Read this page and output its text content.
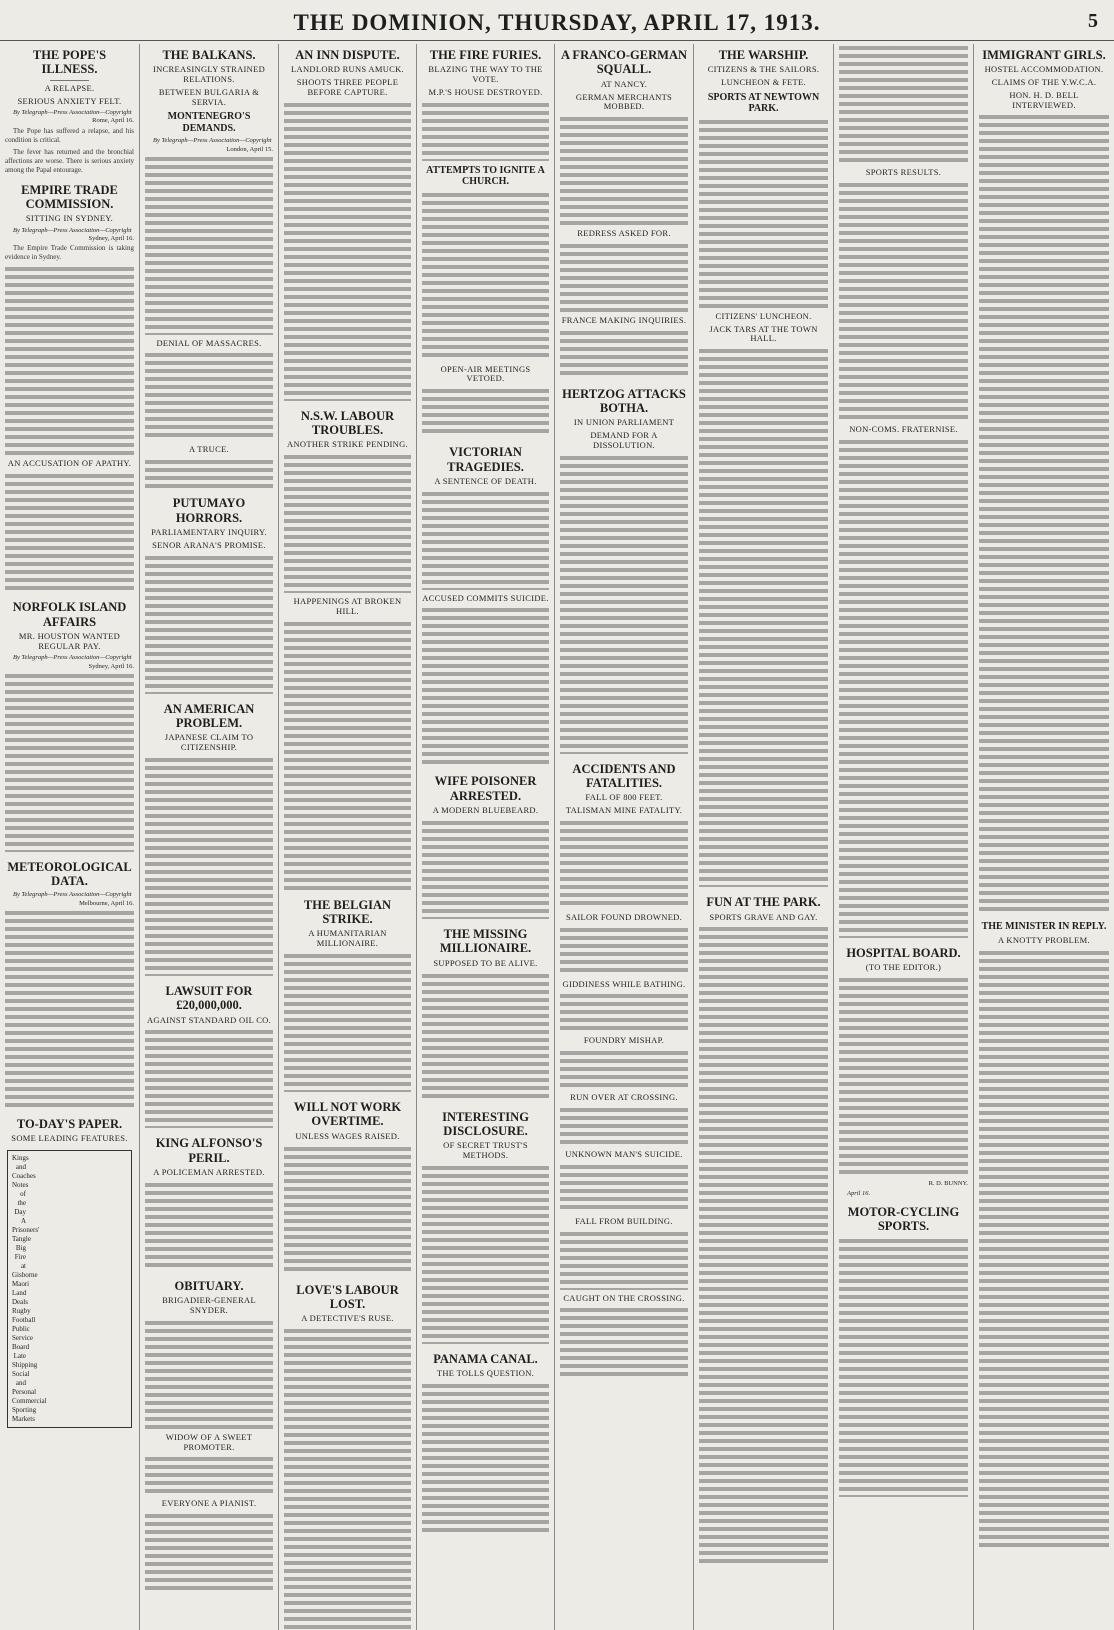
THE DOMINION, THURSDAY, APRIL 17, 1913.	5
THE POPE'S ILLNESS.
A RELAPSE.
SERIOUS ANXIETY FELT.
By Telegraph—Press Association—Copyright
Rome, April 16.

The Pope has suffered a relapse, and his condition is critical.

The fever has returned and the bronchial affections are worse. There is serious anxiety among the Papal entourage.

EMPIRE TRADE COMMISSION.
SITTING IN SYDNEY.
By Telegraph—Press Association—Copyright
Sydney, April 16.

The Empire Trade Commission is taking evidence in Sydney.

AN ACCUSATION OF APATHY.
NORFOLK ISLAND AFFAIRS
MR. HOUSTON WANTED REGULAR PAY.
By Telegraph—Press Association—Copyright
Sydney, April 16.
METEOROLOGICAL DATA.
By Telegraph—Press Association—Copyright
Melbourne, April 16.
TO-DAY'S PAPER.
SOME LEADING FEATURES.
Kings and Coaches
Notes of the Day
A Prisoners' Tangle
Big Fire at Gisborne
Maori Land Deals
Rugby Football
Public Service Board
Late Shipping
Social and Personal
Commercial
Sporting
Markets
THE BALKANS.
INCREASINGLY STRAINED RELATIONS.
BETWEEN BULGARIA & SERVIA.
MONTENEGRO'S DEMANDS.
By Telegraph—Press Association—Copyright
London, April 15.
DENIAL OF MASSACRES.
A TRUCE.
PUTUMAYO HORRORS.
PARLIAMENTARY INQUIRY.
SENOR ARANA'S PROMISE.
AN AMERICAN PROBLEM.
JAPANESE CLAIM TO CITIZENSHIP.
LAWSUIT FOR £20,000,000.
AGAINST STANDARD OIL CO.
KING ALFONSO'S PERIL.
A POLICEMAN ARRESTED.
OBITUARY.
BRIGADIER-GENERAL SNYDER.
WIDOW OF A SWEET PROMOTER.
EVERYONE A PIANIST.
AN INN DISPUTE.
LANDLORD RUNS AMUCK.
SHOOTS THREE PEOPLE BEFORE CAPTURE.
N.S.W. LABOUR TROUBLES.
ANOTHER STRIKE PENDING.
HAPPENINGS AT BROKEN HILL.
THE BELGIAN STRIKE.
A HUMANITARIAN MILLIONAIRE.
WILL NOT WORK OVERTIME.
UNLESS WAGES RAISED.
LOVE'S LABOUR LOST.
A DETECTIVE'S RUSE.
THE FIRE FURIES.
BLAZING THE WAY TO THE VOTE.
M.P.'S HOUSE DESTROYED.
ATTEMPTS TO IGNITE A CHURCH.
OPEN-AIR MEETINGS VETOED.
VICTORIAN TRAGEDIES.
A SENTENCE OF DEATH.
ACCUSED COMMITS SUICIDE.
WIFE POISONER ARRESTED.
A MODERN BLUEBEARD.
THE MISSING MILLIONAIRE.
SUPPOSED TO BE ALIVE.
INTERESTING DISCLOSURE.
OF SECRET TRUST'S METHODS.
PANAMA CANAL.
THE TOLLS QUESTION.
A FRANCO-GERMAN SQUALL.
AT NANCY.
GERMAN MERCHANTS MOBBED.
REDRESS ASKED FOR.
FRANCE MAKING INQUIRIES.
HERTZOG ATTACKS BOTHA.
IN UNION PARLIAMENT
DEMAND FOR A DISSOLUTION.
ACCIDENTS AND FATALITIES.
FALL OF 800 FEET.
TALISMAN MINE FATALITY.
SAILOR FOUND DROWNED.
GIDDINESS WHILE BATHING.
FOUNDRY MISHAP.
RUN OVER AT CROSSING.
UNKNOWN MAN'S SUICIDE.
FALL FROM BUILDING.
CAUGHT ON THE CROSSING.
THE WARSHIP.
CITIZENS & THE SAILORS.
LUNCHEON & FETE.
SPORTS AT NEWTOWN PARK.
CITIZENS' LUNCHEON.
JACK TARS AT THE TOWN HALL.
FUN AT THE PARK.
SPORTS GRAVE AND GAY.
SPORTS RESULTS.
NON-COMS. FRATERNISE.
HOSPITAL BOARD.
(TO THE EDITOR.)
R. D. BUNNY.
April 16.
MOTOR-CYCLING SPORTS.
IMMIGRANT GIRLS.
HOSTEL ACCOMMODATION.
CLAIMS OF THE Y.W.C.A.
HON. H. D. BELL INTERVIEWED.
THE MINISTER IN REPLY.
A KNOTTY PROBLEM.
